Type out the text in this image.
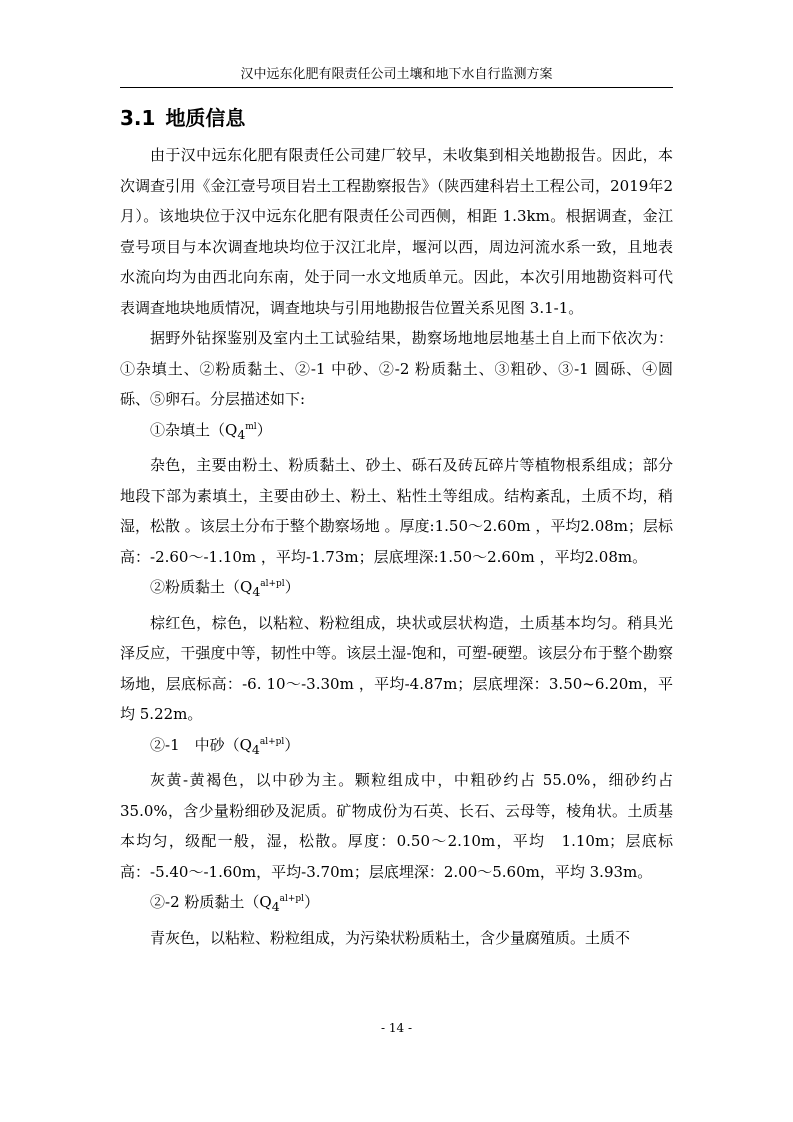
汉中远东化肥有限责任公司土壤和地下水自行监测方案
3.1 地质信息

由于汉中远东化肥有限责任公司建厂较早，未收集到相关地勘报告。因此，本次调查引用《金江壹号项目岩土工程勘察报告》（陕西建科岩土工程公司，2019年2月）。该地块位于汉中远东化肥有限责任公司西侧，相距 1.3km。根据调查，金江壹号项目与本次调查地块均位于汉江北岸，堰河以西，周边河流水系一致，且地表水流向均为由西北向东南，处于同一水文地质单元。因此，本次引用地勘资料可代表调查地块地质情况，调查地块与引用地勘报告位置关系见图 3.1-1。

据野外钻探鉴别及室内土工试验结果，勘察场地地层地基土自上而下依次为：①杂填土、②粉质黏土、②-1 中砂、②-2 粉质黏土、③粗砂、③-1 圆砾、④圆砾、⑤卵石。分层描述如下:

①杂填土$(Q_4^{ml})$

杂色，主要由粉土、粉质黏土、砂土、砾石及砖瓦碎片等植物根系组成；部分地段下部为素填土，主要由砂土、粉土、粘性土等组成。结构紊乱，土质不均，稍湿，松散 。该层土分布于整个勘察场地 。厚度:1.50～2.60m ，平均2.08m；层标高：-2.60～-1.10m ，平均-1.73m；层底埋深:1.50～2.60m ，平均2.08m。

②粉质黏土$(Q_4^{al+pl})$

棕红色，棕色，以粘粒、粉粒组成，块状或层状构造，土质基本均匀。稍具光泽反应，干强度中等，韧性中等。该层土湿-饱和，可塑-硬塑。该层分布于整个勘察场地，层底标高：-6. 10～-3.30m ，平均-4.87m；层底埋深：3.50~6.20m，平均 5.22m。

②-1　中砂$(Q_4^{al+pl})$

灰黄-黄褐色，以中砂为主。颗粒组成中，中粗砂约占 55.0%，细砂约占35.0%，含少量粉细砂及泥质。矿物成份为石英、长石、云母等，棱角状。土质基本均匀，级配一般，湿，松散。厚度：0.50～2.10m，平均　1.10m；层底标高：-5.40～-1.60m，平均-3.70m；层底埋深：2.00～5.60m，平均 3.93m。

②-2 粉质黏土$(Q_4^{al+pl})$

青灰色，以粘粒、粉粒组成，为污染状粉质粘土，含少量腐殖质。土质不

- 14 -
